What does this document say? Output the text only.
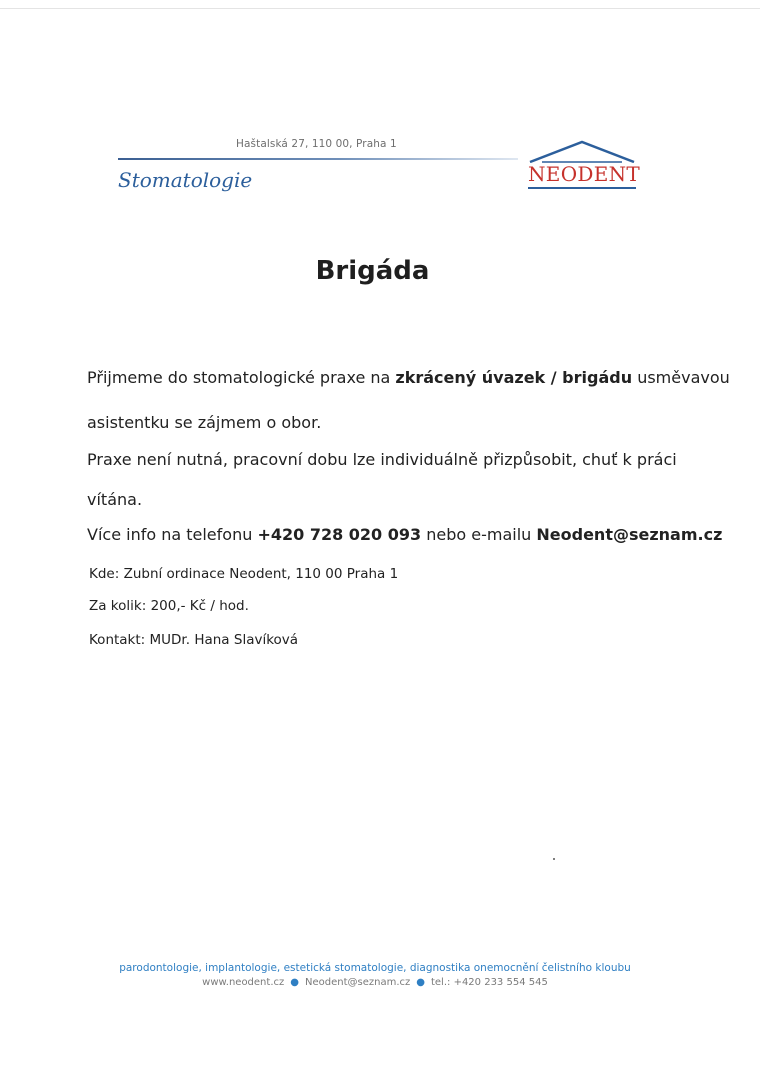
Haštalská 27, 110 00, Praha 1
Stomatologie	NEODENT
Brigáda
Přijmeme do stomatologické praxe na zkrácený úvazek / brigádu usměvavou
asistentku se zájmem o obor.
Praxe není nutná, pracovní dobu lze individuálně přizpůsobit, chuť k práci
vítána.
Více info na telefonu +420 728 020 093 nebo e-mailu Neodent@seznam.cz
Kde: Zubní ordinace Neodent, 110 00 Praha 1
Za kolik: 200,- Kč / hod.
Kontakt: MUDr. Hana Slavíková
parodontologie, implantologie, estetická stomatologie, diagnostika onemocnění čelistního kloubu
www.neodent.cz ● Neodent@seznam.cz ● tel.: +420 233 554 545
